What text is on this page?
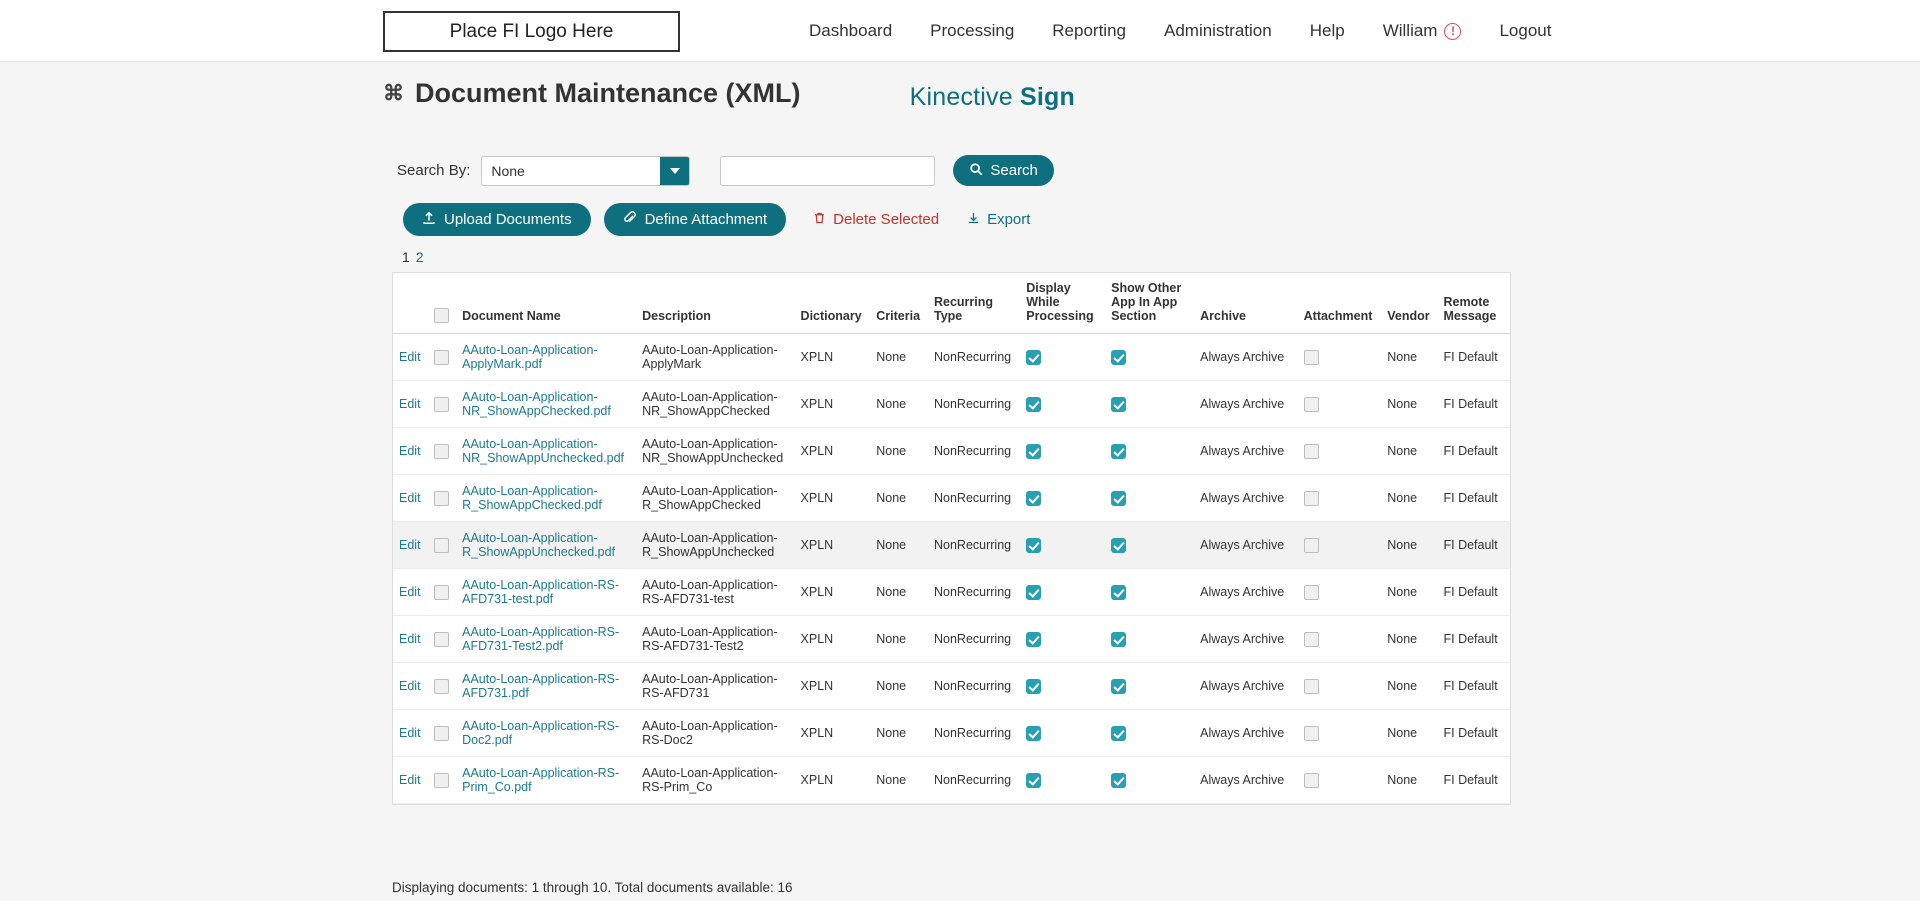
Place FI Logo Here	Dashboard	Processing	Reporting	Administration	Help	William	!	Logout
⌘ Document Maintenance (XML)	Kinective Sign
Search By:	None	Search
Upload Documents	Define Attachment	Delete Selected	Export
1 2
		Document Name	Description	Dictionary	Criteria	Recurring Type	Display While Processing	Show Other App In App Section	Archive	Attachment	Vendor	Remote Message
Edit		AAuto-Loan-Application-ApplyMark.pdf	AAuto-Loan-Application-ApplyMark	XPLN	None	NonRecurring			Always Archive		None	FI Default
Edit		AAuto-Loan-Application-NR_ShowAppChecked.pdf	AAuto-Loan-Application-NR_ShowAppChecked	XPLN	None	NonRecurring			Always Archive		None	FI Default
Edit		AAuto-Loan-Application-NR_ShowAppUnchecked.pdf	AAuto-Loan-Application-NR_ShowAppUnchecked	XPLN	None	NonRecurring			Always Archive		None	FI Default
Edit		AAuto-Loan-Application-R_ShowAppChecked.pdf	AAuto-Loan-Application-R_ShowAppChecked	XPLN	None	NonRecurring			Always Archive		None	FI Default
Edit		AAuto-Loan-Application-R_ShowAppUnchecked.pdf	AAuto-Loan-Application-R_ShowAppUnchecked	XPLN	None	NonRecurring			Always Archive		None	FI Default
Edit		AAuto-Loan-Application-RS-AFD731-test.pdf	AAuto-Loan-Application-RS-AFD731-test	XPLN	None	NonRecurring			Always Archive		None	FI Default
Edit		AAuto-Loan-Application-RS-AFD731-Test2.pdf	AAuto-Loan-Application-RS-AFD731-Test2	XPLN	None	NonRecurring			Always Archive		None	FI Default
Edit		AAuto-Loan-Application-RS-AFD731.pdf	AAuto-Loan-Application-RS-AFD731	XPLN	None	NonRecurring			Always Archive		None	FI Default
Edit		AAuto-Loan-Application-RS-Doc2.pdf	AAuto-Loan-Application-RS-Doc2	XPLN	None	NonRecurring			Always Archive		None	FI Default
Edit		AAuto-Loan-Application-RS-Prim_Co.pdf	AAuto-Loan-Application-RS-Prim_Co	XPLN	None	NonRecurring			Always Archive		None	FI Default
Displaying documents: 1 through 10. Total documents available: 16
